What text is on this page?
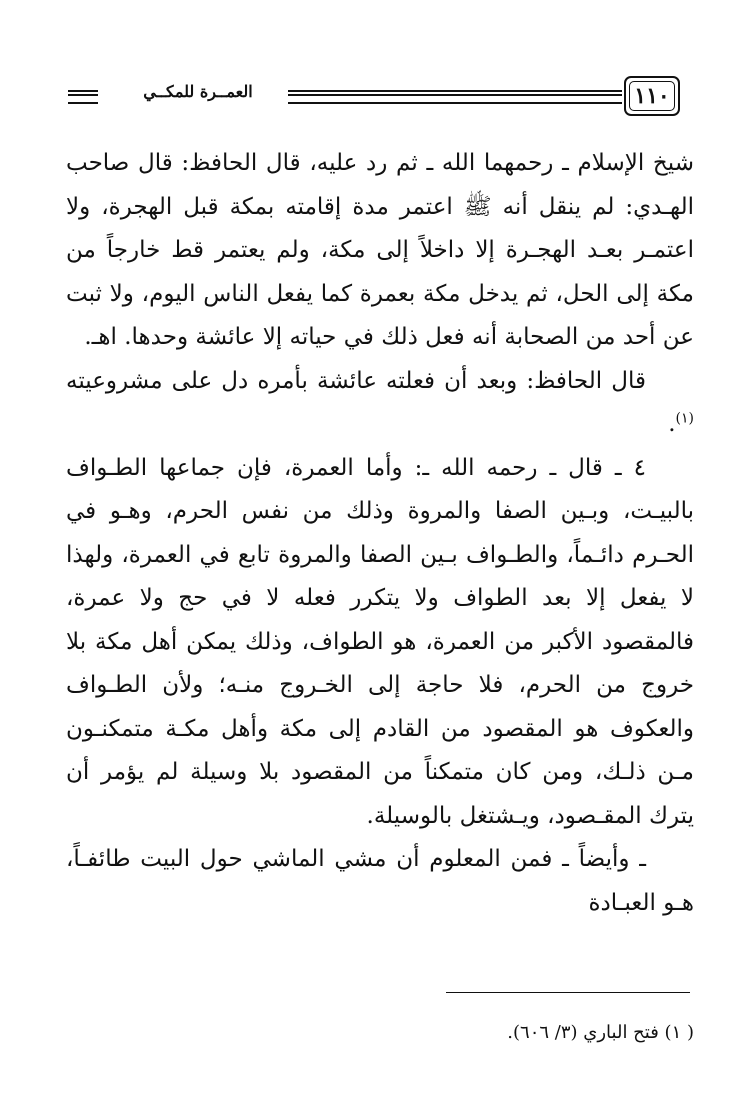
العمــرة للمكــي	١١٠

شيخ الإسلام ـ رحمهما الله ـ ثم رد عليه، قال الحافظ: قال صاحب الهـدي: لم ينقل أنه ﷺ اعتمر مدة إقامته بمكة قبل الهجرة، ولا اعتمـر بعـد الهجـرة إلا داخلاً إلى مكة، ولم يعتمر قط خارجاً من مكة إلى الحل، ثم يدخل مكة بعمرة كما يفعل الناس اليوم، ولا ثبت عن أحد من الصحابة أنه فعل ذلك في حياته إلا عائشة وحدها. اهـ.

قال الحافظ: وبعد أن فعلته عائشة بأمره دل على مشروعيته $^{(١)}$.

٤ ـ قال ـ رحمه الله ـ: وأما العمرة، فإن جماعها الطـواف بالبيـت، وبـين الصفا والمروة وذلك من نفس الحرم، وهـو في الحـرم دائـماً، والطـواف بـين الصفا والمروة تابع في العمرة، ولهذا لا يفعل إلا بعد الطواف ولا يتكرر فعله لا في حج ولا عمرة، فالمقصود الأكبر من العمرة، هو الطواف، وذلك يمكن أهل مكة بلا خروج من الحرم، فلا حاجة إلى الخـروج منـه؛ ولأن الطـواف والعكوف هو المقصود من القادم إلى مكة وأهل مكـة متمكنـون مـن ذلـك، ومن كان متمكناً من المقصود بلا وسيلة لم يؤمر أن يترك المقـصود، ويـشتغل بالوسيلة.

ـ وأيضاً ـ فمن المعلوم أن مشي الماشي حول البيت طائفـاً، هـو العبـادة

( ١) فتح الباري (٣/ ٦٠٦).
